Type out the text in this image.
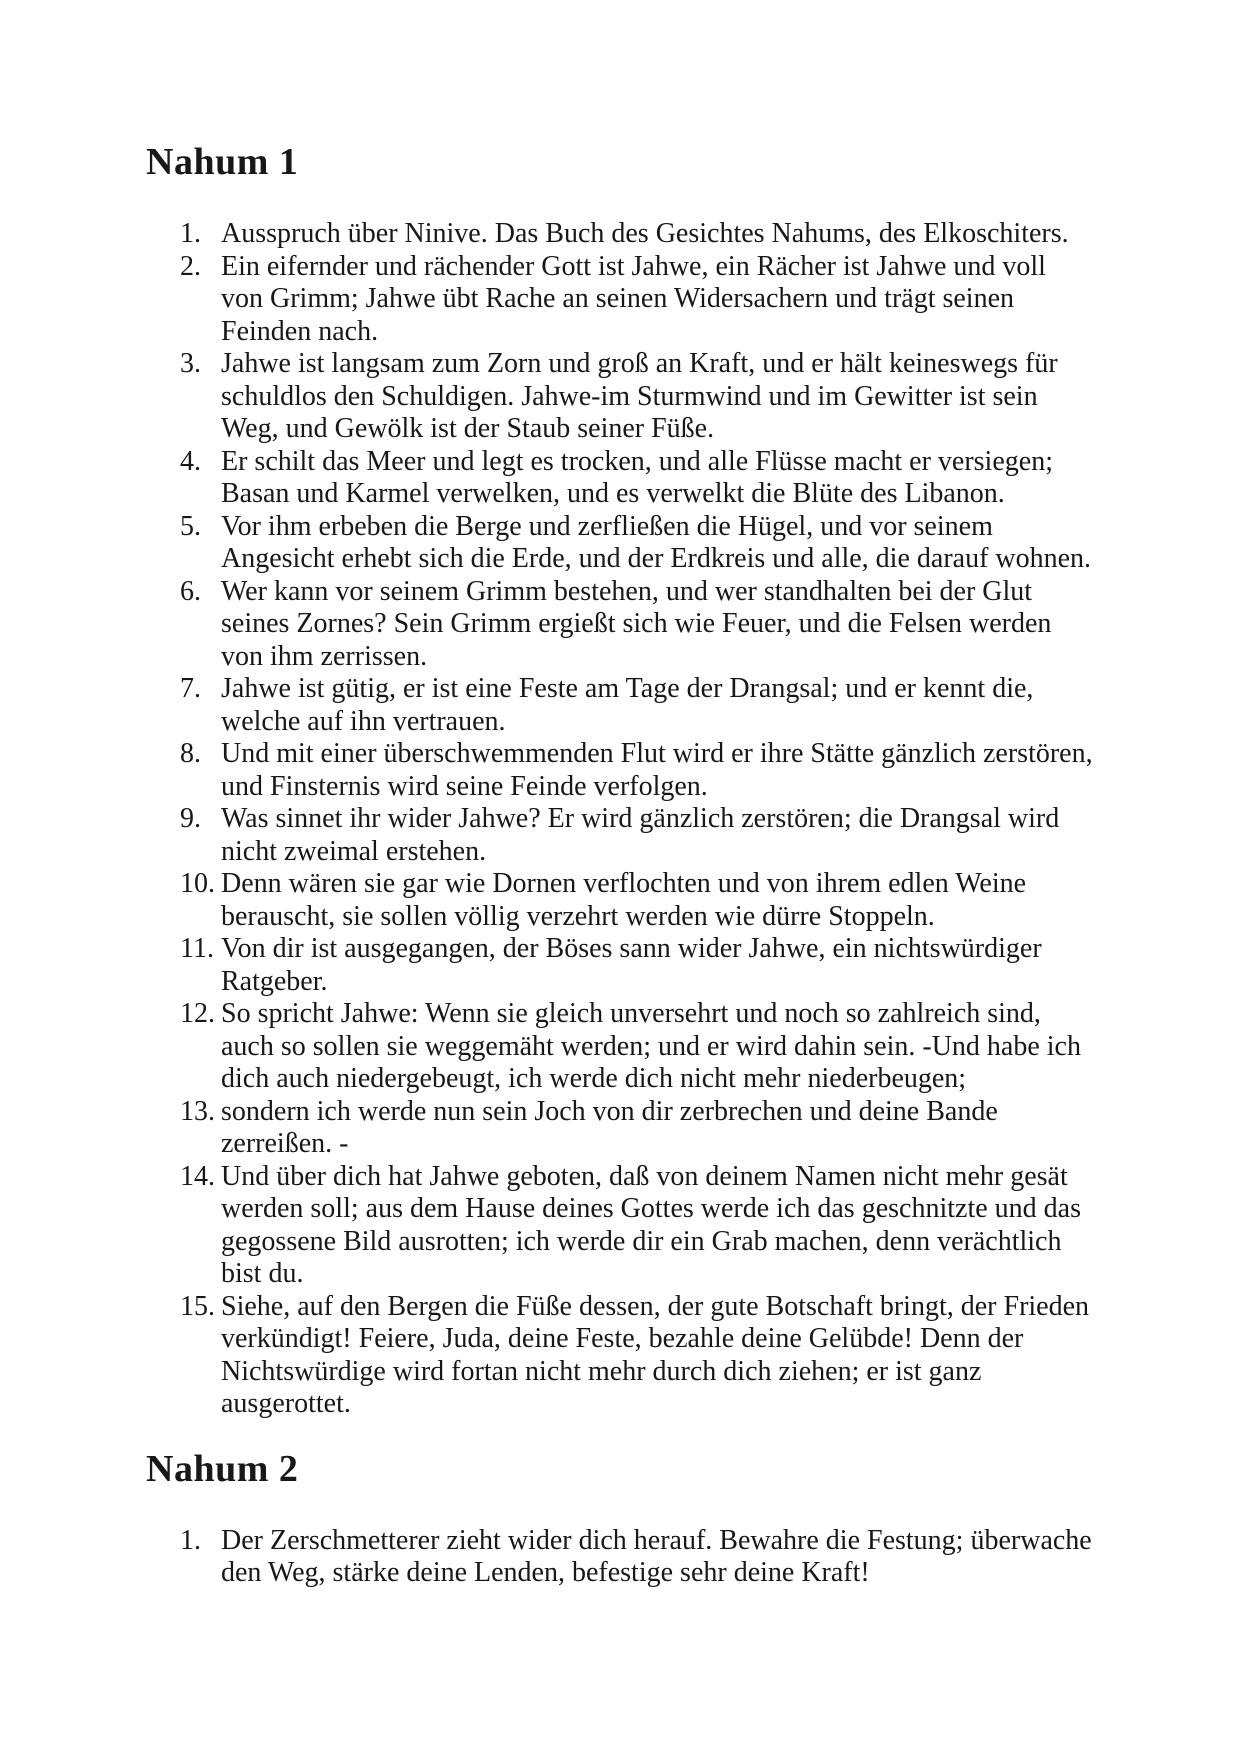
Nahum 1
1. Ausspruch über Ninive. Das Buch des Gesichtes Nahums, des Elkoschiters.
2. Ein eifernder und rächender Gott ist Jahwe, ein Rächer ist Jahwe und voll von Grimm; Jahwe übt Rache an seinen Widersachern und trägt seinen Feinden nach.
3. Jahwe ist langsam zum Zorn und groß an Kraft, und er hält keineswegs für schuldlos den Schuldigen. Jahwe-im Sturmwind und im Gewitter ist sein Weg, und Gewölk ist der Staub seiner Füße.
4. Er schilt das Meer und legt es trocken, und alle Flüsse macht er versiegen; Basan und Karmel verwelken, und es verwelkt die Blüte des Libanon.
5. Vor ihm erbeben die Berge und zerfließen die Hügel, und vor seinem Angesicht erhebt sich die Erde, und der Erdkreis und alle, die darauf wohnen.
6. Wer kann vor seinem Grimm bestehen, und wer standhalten bei der Glut seines Zornes? Sein Grimm ergießt sich wie Feuer, und die Felsen werden von ihm zerrissen.
7. Jahwe ist gütig, er ist eine Feste am Tage der Drangsal; und er kennt die, welche auf ihn vertrauen.
8. Und mit einer überschwemmenden Flut wird er ihre Stätte gänzlich zerstören, und Finsternis wird seine Feinde verfolgen.
9. Was sinnet ihr wider Jahwe? Er wird gänzlich zerstören; die Drangsal wird nicht zweimal erstehen.
10. Denn wären sie gar wie Dornen verflochten und von ihrem edlen Weine berauscht, sie sollen völlig verzehrt werden wie dürre Stoppeln.
11. Von dir ist ausgegangen, der Böses sann wider Jahwe, ein nichtswürdiger Ratgeber.
12. So spricht Jahwe: Wenn sie gleich unversehrt und noch so zahlreich sind, auch so sollen sie weggemäht werden; und er wird dahin sein. -Und habe ich dich auch niedergebeugt, ich werde dich nicht mehr niederbeugen;
13. sondern ich werde nun sein Joch von dir zerbrechen und deine Bande zerreißen. -
14. Und über dich hat Jahwe geboten, daß von deinem Namen nicht mehr gesät werden soll; aus dem Hause deines Gottes werde ich das geschnitzte und das gegossene Bild ausrotten; ich werde dir ein Grab machen, denn verächtlich bist du.
15. Siehe, auf den Bergen die Füße dessen, der gute Botschaft bringt, der Frieden verkündigt! Feiere, Juda, deine Feste, bezahle deine Gelübde! Denn der Nichtswürdige wird fortan nicht mehr durch dich ziehen; er ist ganz ausgerottet.
Nahum 2
1. Der Zerschmetterer zieht wider dich herauf. Bewahre die Festung; überwache den Weg, stärke deine Lenden, befestige sehr deine Kraft!
